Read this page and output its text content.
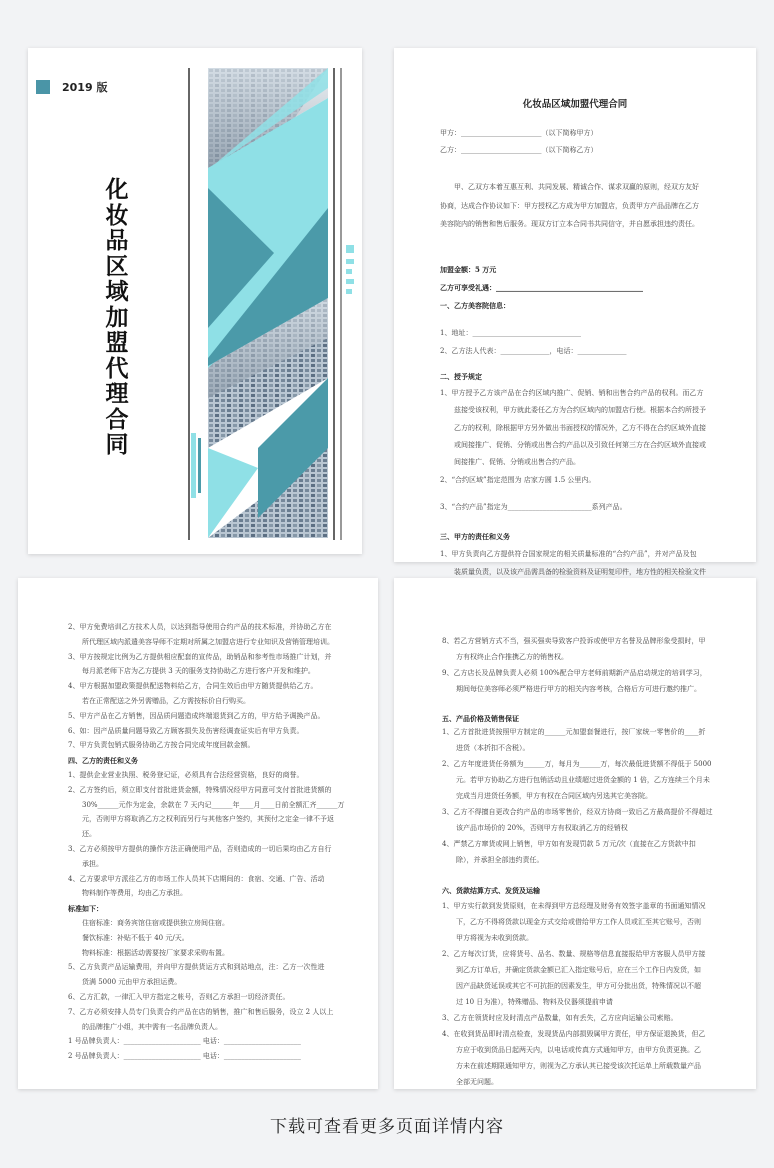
2019 版
化
妆
品
区
域
加
盟
代
理
合
同
化妆品区域加盟代理合同
甲方：_______________________（以下简称甲方）
乙方：_______________________（以下简称乙方）
甲、乙双方本着互惠互利、共同发展、精诚合作、谋求双赢的原则，经双方友好
协商，达成合作协议如下：甲方授权乙方成为甲方加盟店，负责甲方产品品牌在乙方
美容院内的销售和售后服务。现双方订立本合同书共同信守，并自愿承担违约责任。
加盟金额：5 万元
乙方可享受礼遇：__________________________________________
一、乙方美容院信息：
1、地址：_______________________________
2、乙方法人代表：______________，电话：______________
二、授予规定
1、甲方授予乙方该产品在合约区域内推广、促销、销和出售合约产品的权利。而乙方
兹接受该权利，甲方就此委任乙方为合约区域内的加盟店行使。根据本合约所授予
乙方的权利，除根据甲方另外做出书面授权的情况外，乙方不得在合约区域外直接
或间接推广、促销、分销或出售合约产品以及引致任何第三方在合约区域外直接或
间接推广、促销、分销或出售合约产品。
2、“合约区域”指定范围为 店家方圆 1.5 公里内。
3、“合约产品”指定为________________________系列产品。
三、甲方的责任和义务
1、甲方负责向乙方提供符合国家规定的相关质量标准的“合约产品”，并对产品及包
装质量负责，以及该产品需具备的检验资料及证明复印件，地方性的相关检验文件
2、甲方免费培训乙方技术人员，以达到指导使用合约产品的技术标准，并协助乙方在
所代理区域内派遣美容导师不定期对所属之加盟店进行专业知识及营销管理培训。
3、甲方按规定比例为乙方提供相应配套的宣传品，助销品和参考性市场推广计划，并
每月派老师下店为乙方提供 3 天的服务支持协助乙方进行客户开发和维护。
4、甲方根据加盟政策提供配送物料给乙方，合同生效后由甲方随货提供给乙方。
若在正常配送之外另需赠品，乙方需按标价自行购买。
5、甲方产品在乙方销售，因品质问题造成终端退货到乙方的，甲方给予调换产品。
6、如：因产品质量问题导致乙方顾客损失及伤害经调查证实后有甲方负责。
7、甲方负责包销式服务协助乙方按合同完成年度回款金额。
四、乙方的责任和义务
1、提供企业营业执照、税务登记证，必须具有合法经营资格，良好的商誉。
2、乙方签约后，须立即支付首批进货金额，特殊情况经甲方同意可支付首批进货额的
30%______元作为定金，余款在 7 天内记______年____月____日前全额汇齐______万
元，否则甲方将取消乙方之权利而另行与其他客户签约，其预付之定金一律不予返
还。
3、乙方必须按甲方提供的操作方法正确使用产品，否则造成的一切后果均由乙方自行
承担。
4、乙方要求甲方派往乙方的市场工作人员其下店期间的：食宿、交通、广告、活动
物料制作等费用，均由乙方承担。
标准如下：
住宿标准：商务宾馆住宿或提供独立房间住宿。
餐饮标准：补贴不低于 40 元/天。
物料标准：根据活动需要按厂家要求采购布置。
5、乙方负责产品运输费用，并向甲方提供货运方式和到站地点，注：乙方一次性进
货满 5000 元由甲方承担运费。
6、乙方汇款，一律汇入甲方指定之帐号，否则乙方承担一切经济责任。
7、乙方必须安排人员专门负责合约产品在店的销售，推广和售后服务，设立 2 人以上
的品牌推广小组，其中需有一名品牌负责人。
1 号品牌负责人：______________________ 电话：______________________
2 号品牌负责人：______________________ 电话：______________________
8、若乙方营销方式不当，强买强卖导致客户投诉或使甲方名誉及品牌形象受损时，甲
方有权终止合作推携乙方的销售权。
9、乙方店长及品牌负责人必须 100%配合甲方老师前期新产品启动规定的培训学习，
期间每位美容师必须严格进行甲方的相关内容考核，合格后方可进行邀约推广。
五、产品价格及销售保证
1、乙方首批进货按照甲方制定的______元加盟套餐进行，按厂家统一零售价的____折
进货（本折扣不含税）。
2、乙方年度进货任务额为______万，每月为______万，每次最低进货额不得低于 5000
元。若甲方协助乙方进行包销活动且业绩超过进货金额的 1 倍，乙方连续三个月未
完成当月进货任务额，甲方有权在合同区域内另选其它美容院。
3、乙方不得擅自更改合约产品的市场零售价，经双方协商一致后乙方最高提价不得超过
该产品市场价的 20%，否则甲方有权取消乙方的经销权
4、严禁乙方窜货或网上销售，甲方如有发现罚款 5 万元/次（直接在乙方货款中扣
除），并承担全部违约责任。
六、货款结算方式、发货及运输
1、甲方实行款到发货原则，在未得到甲方总经理及财务有效签字盖章的书面通知情况
下，乙方不得将货款以现金方式交给或借给甲方工作人员或汇至其它账号，否则
甲方将视为未收到货款。
2、乙方每次订货，应将货号、品名、数量、规格等信息直接报给甲方客服人员甲方接
到乙方订单后，并确定货款金额已汇入指定账号后，应在三个工作日内发货，如
因产品缺货延误或其它不可抗拒的因素发生，甲方可分批出货，特殊情况以不超
过 10 日为准），特殊赠品、物料及仪器须提前申请
3、乙方在领货时应及时清点产品数量，如有丢失，乙方应向运输公司索赔。
4、在收到货品即时清点检查，发现货品内部损毁属甲方责任，甲方保证退换货，但乙
方应于收到货品日起两天内，以电话或传真方式通知甲方，由甲方负责更换。乙
方未在前述期限通知甲方，则视为乙方承认其已接受该次托运单上所载数量产品
全部无问题。
下载可查看更多页面详情内容
